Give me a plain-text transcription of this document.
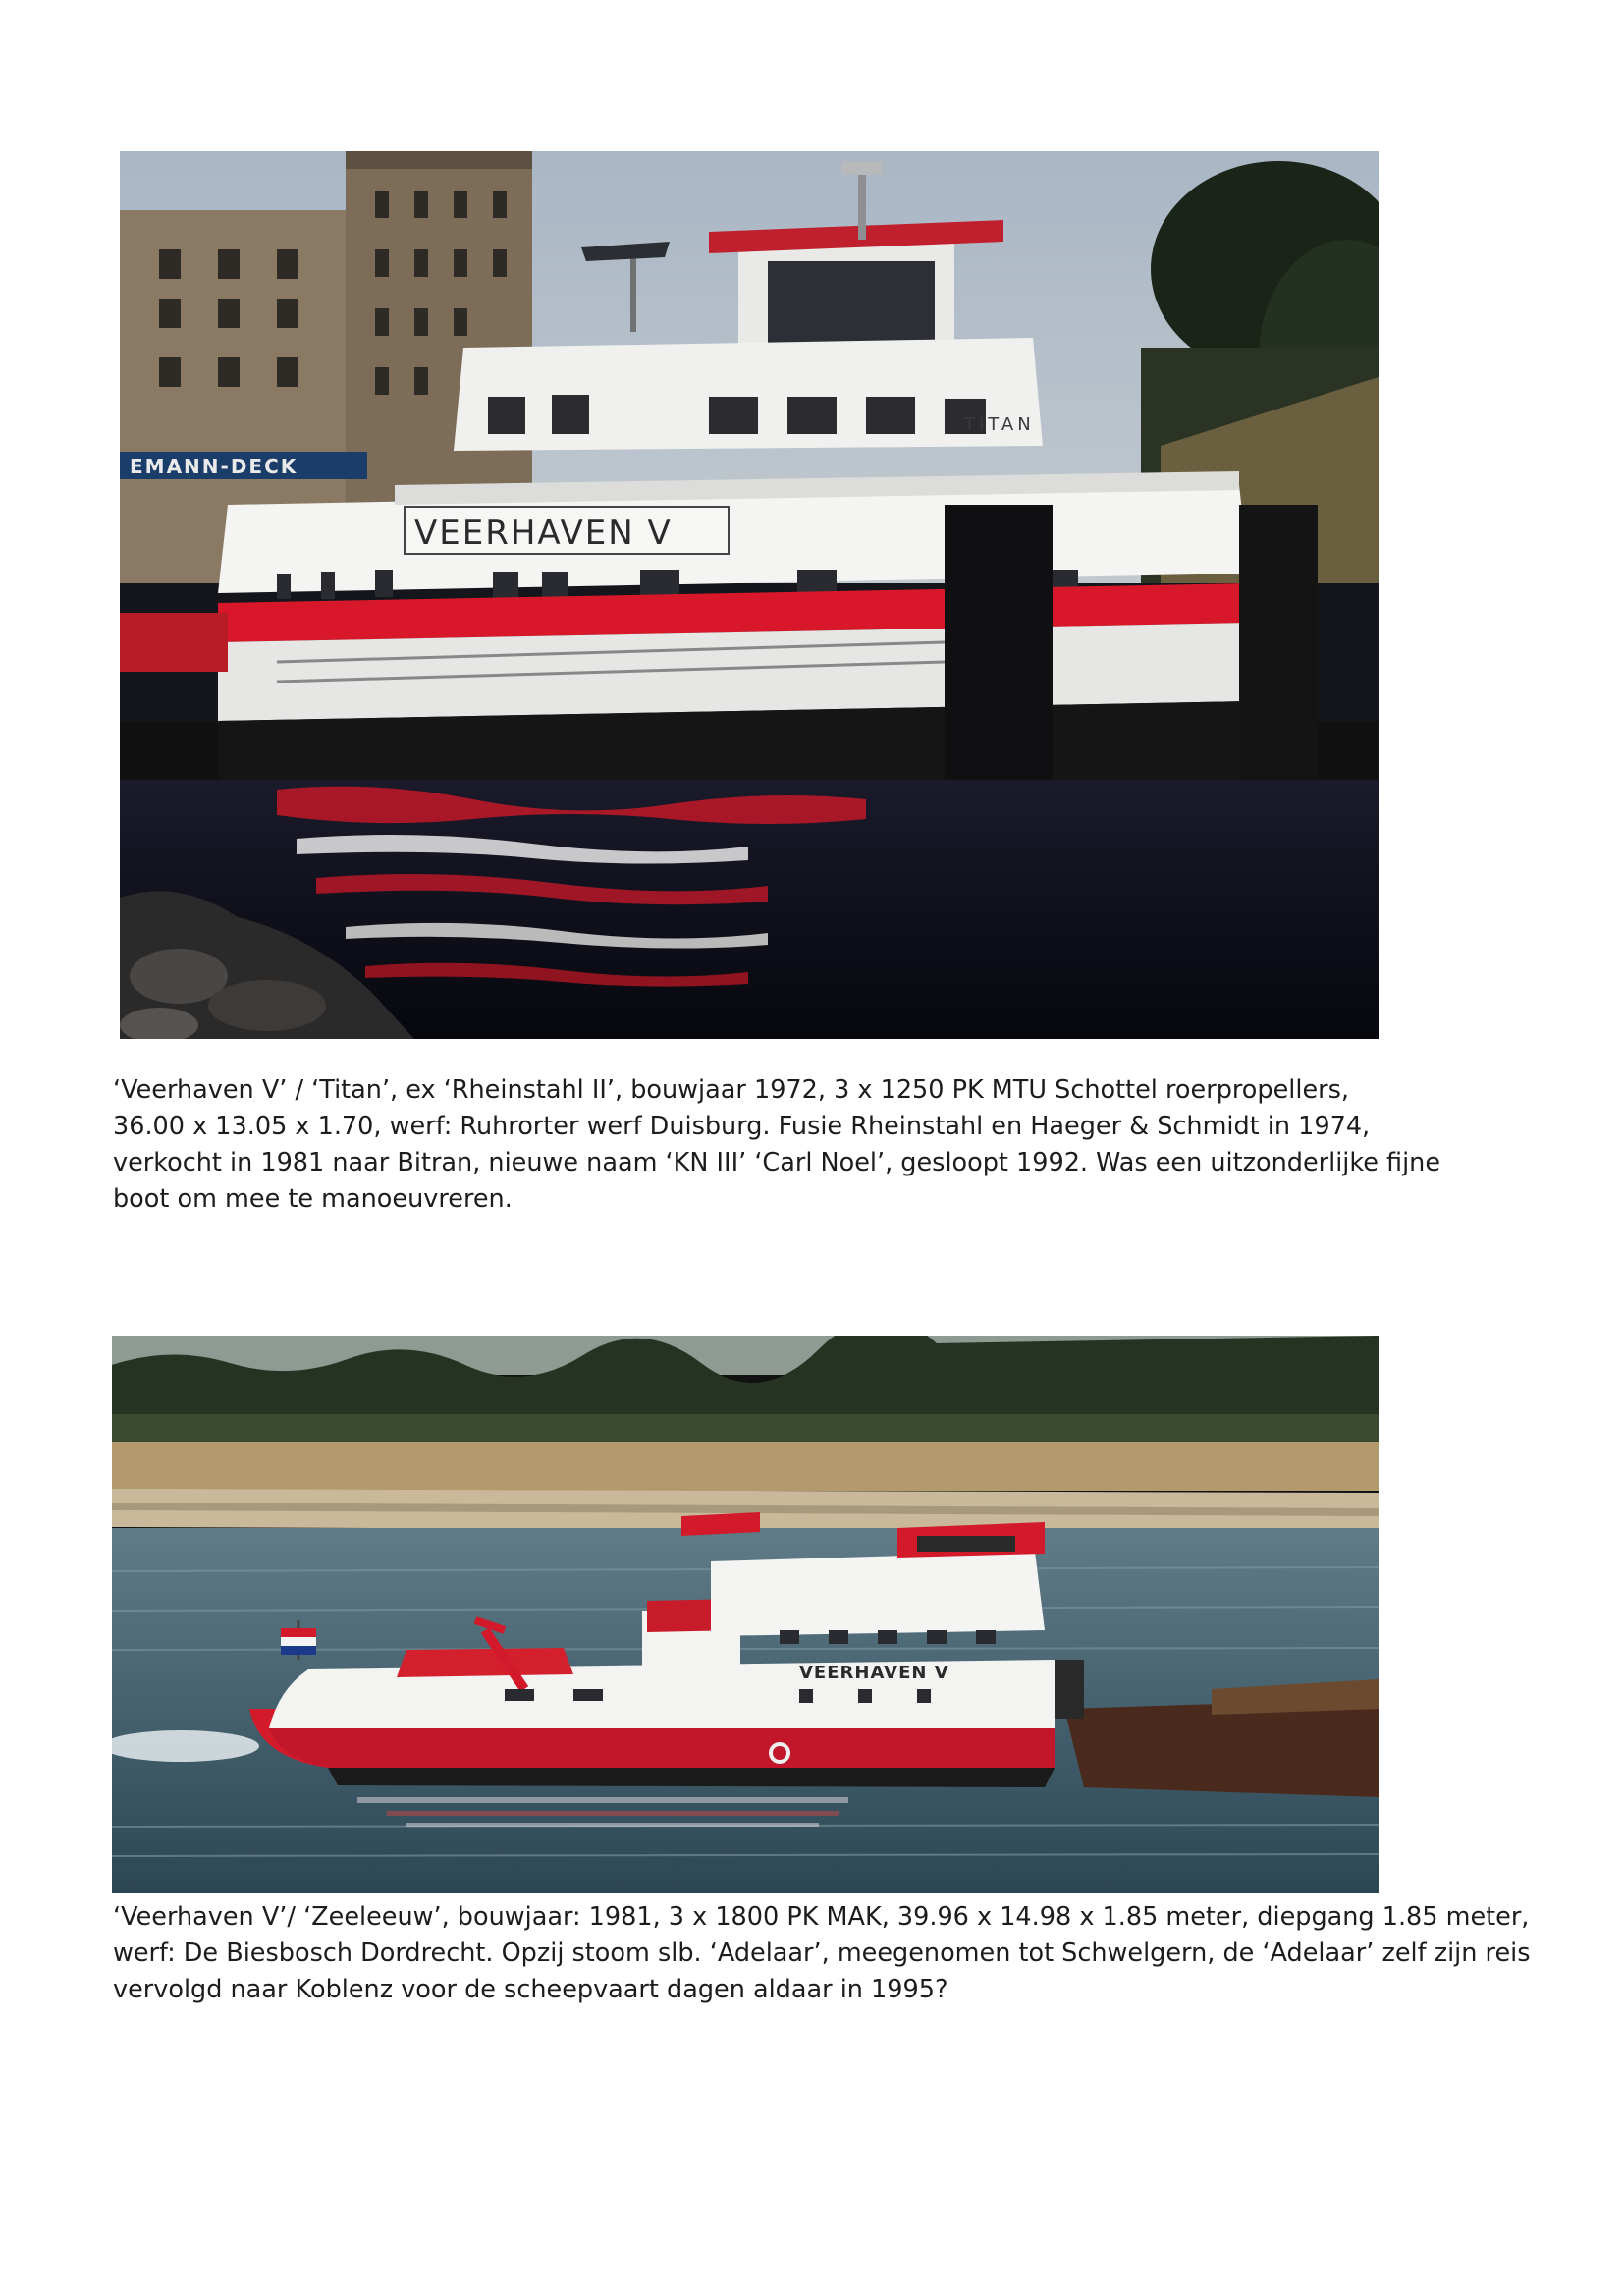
EMANN-DECK
TITAN
VEERHAVEN V

‘Veerhaven V’ / ‘Titan’, ex ‘Rheinstahl II’, bouwjaar 1972, 3 x 1250 PK MTU Schottel roerpropellers,
36.00 x 13.05 x 1.70, werf: Ruhrorter werf Duisburg. Fusie Rheinstahl en Haeger & Schmidt in 1974,
verkocht in 1981 naar Bitran, nieuwe naam ‘KN III’ ‘Carl Noel’, gesloopt 1992. Was een uitzonderlijke fijne
boot om mee te manoeuvreren.

VEERHAVEN V

‘Veerhaven V’/ ‘Zeeleeuw’, bouwjaar: 1981, 3 x 1800 PK MAK, 39.96 x 14.98 x 1.85 meter, diepgang 1.85 meter,
werf: De Biesbosch Dordrecht. Opzij stoom slb. ‘Adelaar’, meegenomen tot Schwelgern, de ‘Adelaar’ zelf zijn reis
vervolgd naar Koblenz voor de scheepvaart dagen aldaar in 1995?
